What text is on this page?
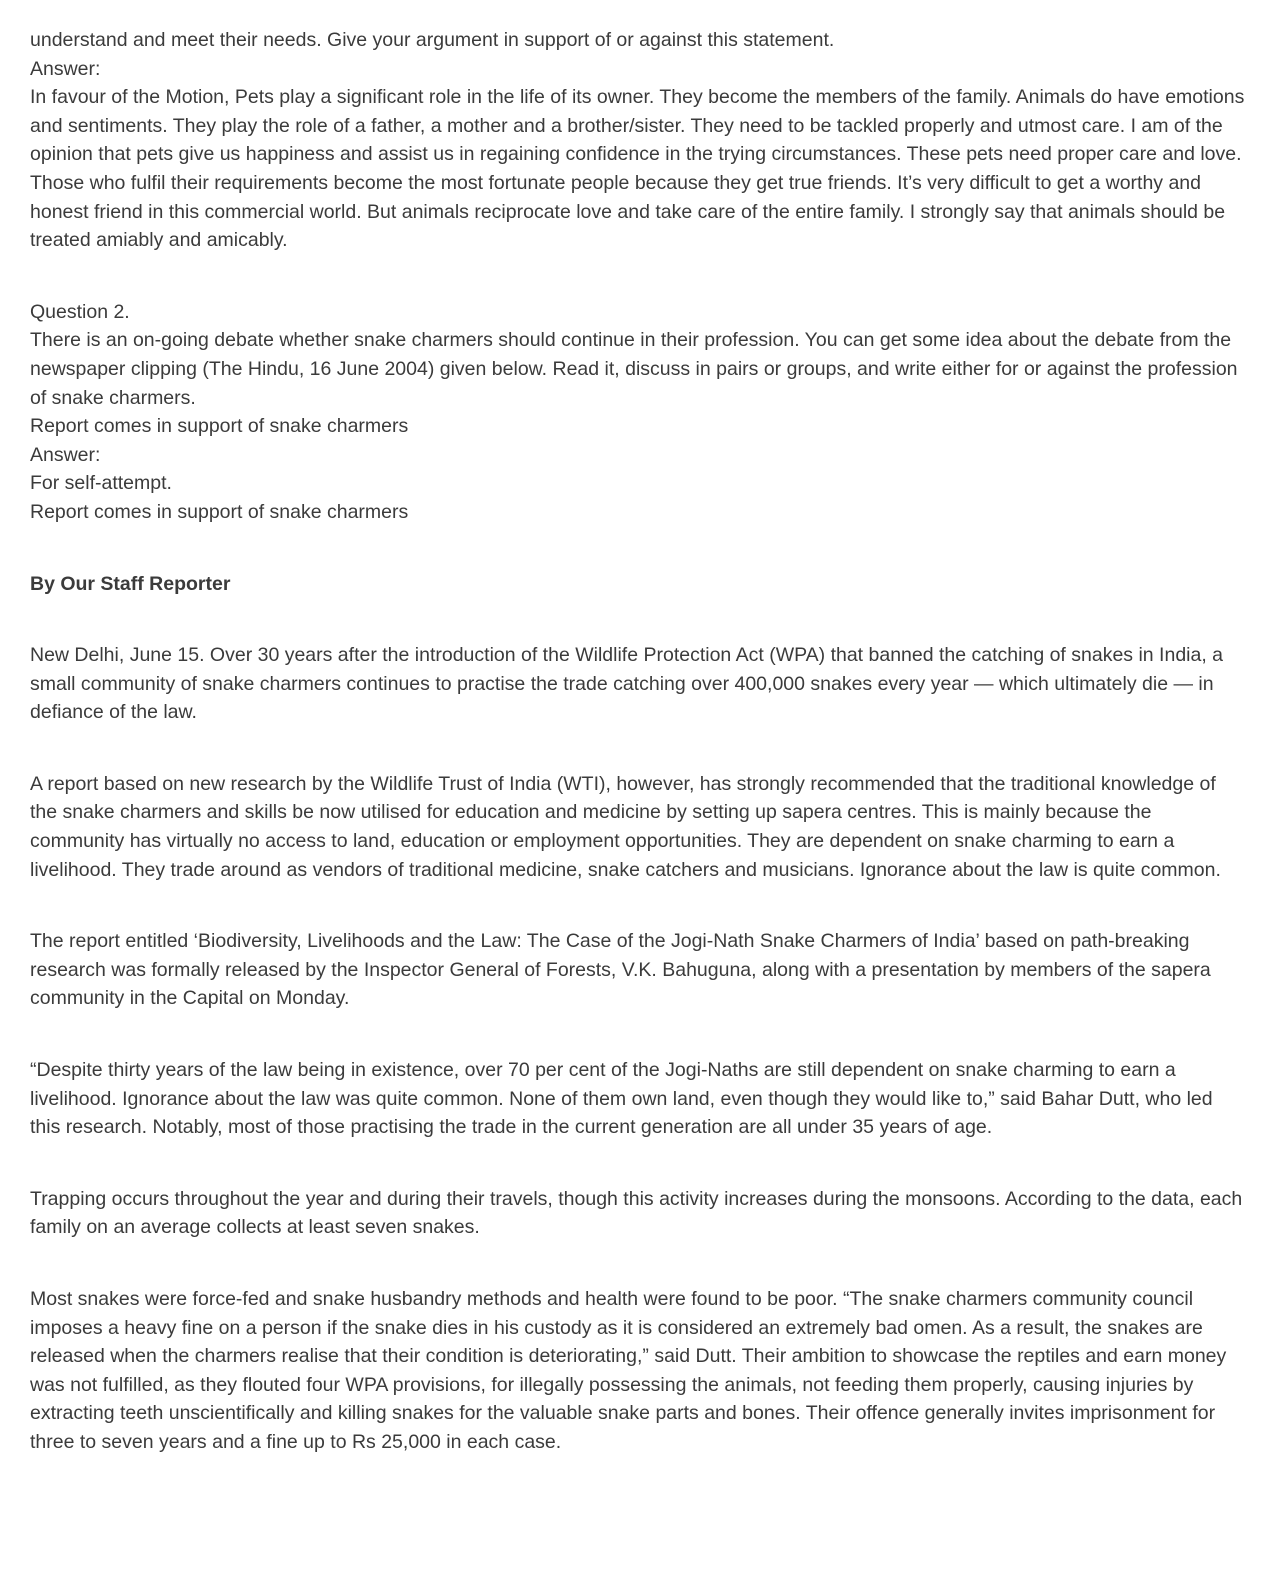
understand and meet their needs. Give your argument in support of or against this statement.

Answer:

In favour of the Motion, Pets play a significant role in the life of its owner. They become the members of the family. Animals do have emotions and sentiments. They play the role of a father, a mother and a brother/sister. They need to be tackled properly and utmost care. I am of the opinion that pets give us happiness and assist us in regaining confidence in the trying circumstances. These pets need proper care and love. Those who fulfil their requirements become the most fortunate people because they get true friends. It’s very difficult to get a worthy and honest friend in this commercial world. But animals reciprocate love and take care of the entire family. I strongly say that animals should be treated amiably and amicably.

Question 2.

There is an on-going debate whether snake charmers should continue in their profession. You can get some idea about the debate from the newspaper clipping (The Hindu, 16 June 2004) given below. Read it, discuss in pairs or groups, and write either for or against the profession of snake charmers.

Report comes in support of snake charmers

Answer:

For self-attempt.

Report comes in support of snake charmers

By Our Staff Reporter

New Delhi, June 15. Over 30 years after the introduction of the Wildlife Protection Act (WPA) that banned the catching of snakes in India, a small community of snake charmers continues to practise the trade catching over 400,000 snakes every year — which ultimately die — in defiance of the law.

A report based on new research by the Wildlife Trust of India (WTI), however, has strongly recommended that the traditional knowledge of the snake charmers and skills be now utilised for education and medicine by setting up sapera centres. This is mainly because the community has virtually no access to land, education or employment opportunities. They are dependent on snake charming to earn a livelihood. They trade around as vendors of traditional medicine, snake catchers and musicians. Ignorance about the law is quite common.

The report entitled ‘Biodiversity, Livelihoods and the Law: The Case of the Jogi-Nath Snake Charmers of India’ based on path-breaking research was formally released by the Inspector General of Forests, V.K. Bahuguna, along with a presentation by members of the sapera community in the Capital on Monday.

“Despite thirty years of the law being in existence, over 70 per cent of the Jogi-Naths are still dependent on snake charming to earn a livelihood. Ignorance about the law was quite common. None of them own land, even though they would like to,” said Bahar Dutt, who led this research. Notably, most of those practising the trade in the current generation are all under 35 years of age.

Trapping occurs throughout the year and during their travels, though this activity increases during the monsoons. According to the data, each family on an average collects at least seven snakes.

Most snakes were force-fed and snake husbandry methods and health were found to be poor. “The snake charmers community council imposes a heavy fine on a person if the snake dies in his custody as it is considered an extremely bad omen. As a result, the snakes are released when the charmers realise that their condition is deteriorating,” said Dutt. Their ambition to showcase the reptiles and earn money was not fulfilled, as they flouted four WPA provisions, for illegally possessing the animals, not feeding them properly, causing injuries by extracting teeth unscientifically and killing snakes for the valuable snake parts and bones. Their offence generally invites imprisonment for three to seven years and a fine up to Rs 25,000 in each case.
